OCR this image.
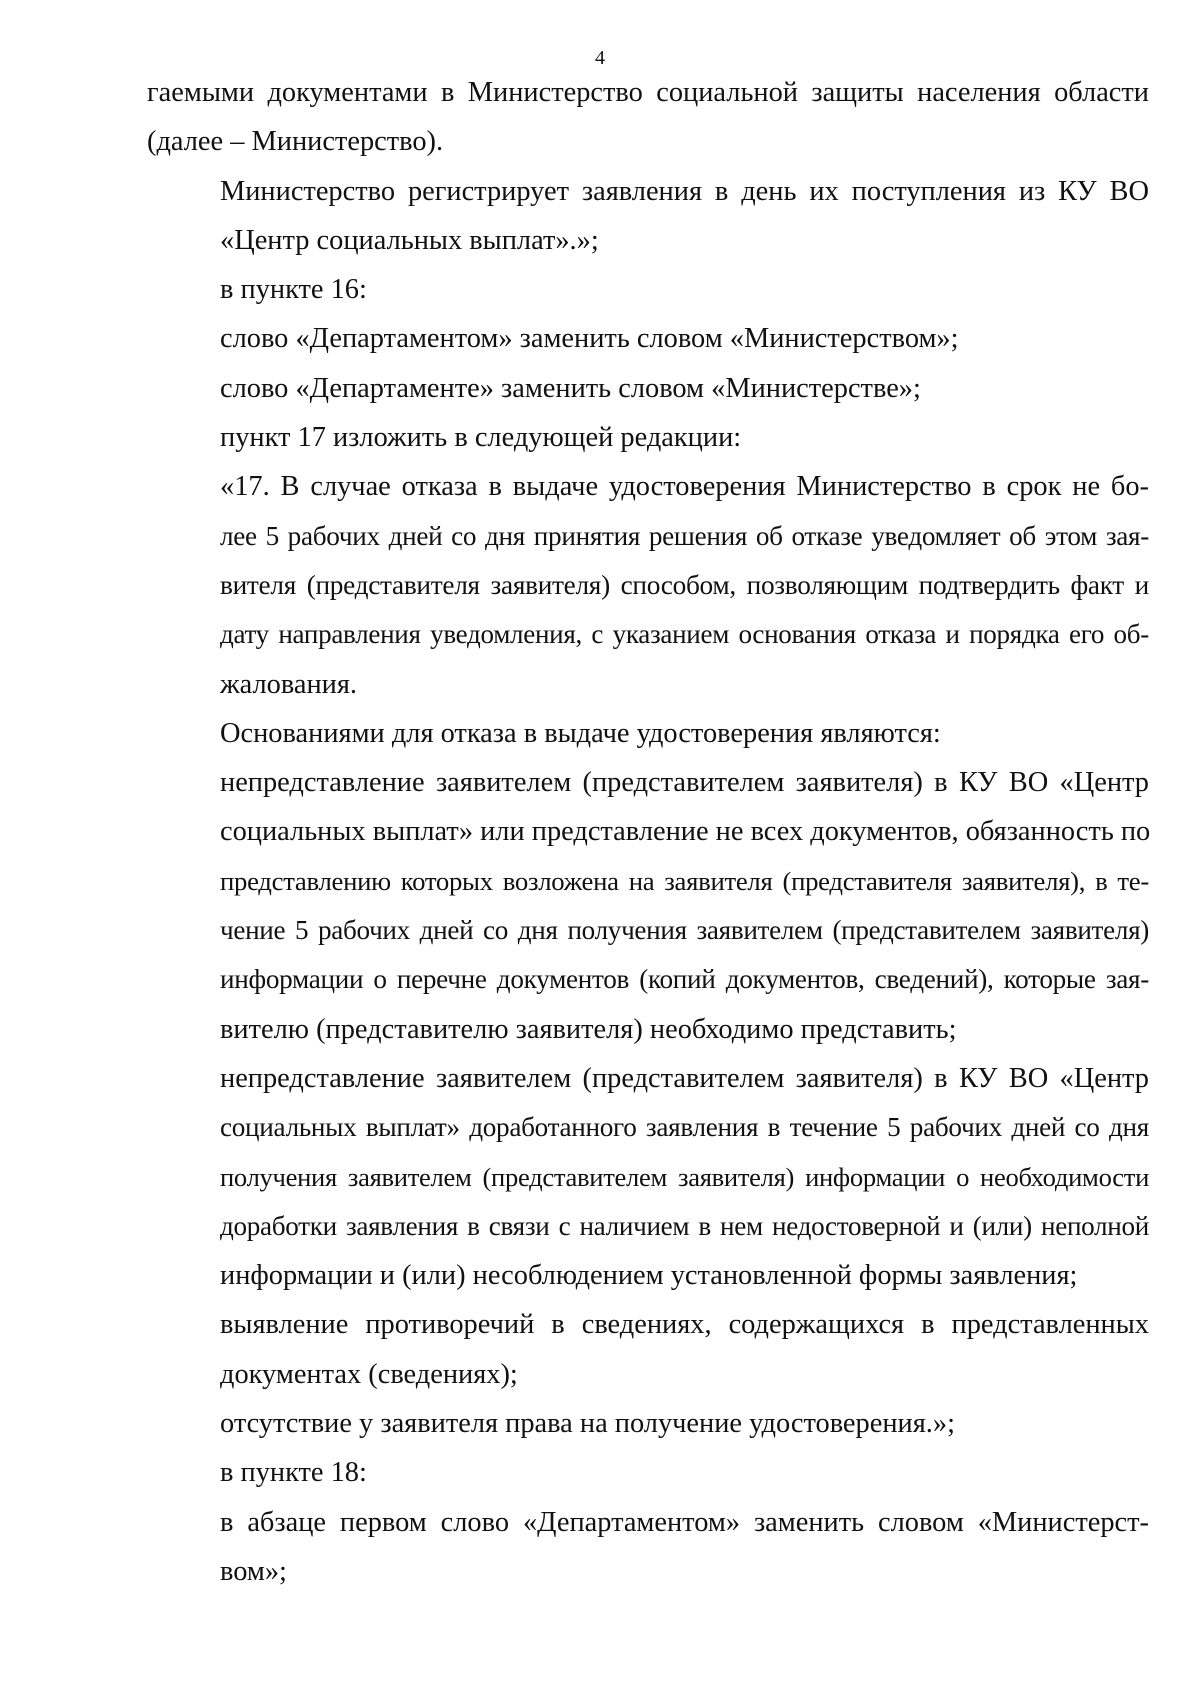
4

гаемыми документами в Министерство социальной защиты населения области
(далее – Министерство).

Министерство регистрирует заявления в день их поступления из КУ ВО
«Центр социальных выплат».»;

в пункте 16:

слово «Департаментом» заменить словом «Министерством»;

слово «Департаменте» заменить словом «Министерстве»;

пункт 17 изложить в следующей редакции:

«17. В случае отказа в выдаче удостоверения Министерство в срок не бо-
лее 5 рабочих дней со дня принятия решения об отказе уведомляет об этом зая-
вителя (представителя заявителя) способом, позволяющим подтвердить факт и
дату направления уведомления, с указанием основания отказа и порядка его об-
жалования.

Основаниями для отказа в выдаче удостоверения являются:

непредставление заявителем (представителем заявителя) в КУ ВО «Центр
социальных выплат» или представление не всех документов, обязанность по
представлению которых возложена на заявителя (представителя заявителя), в те-
чение 5 рабочих дней со дня получения заявителем (представителем заявителя)
информации о перечне документов (копий документов, сведений), которые зая-
вителю (представителю заявителя) необходимо представить;

непредставление заявителем (представителем заявителя) в КУ ВО «Центр
социальных выплат» доработанного заявления в течение 5 рабочих дней со дня
получения заявителем (представителем заявителя) информации о необходимости
доработки заявления в связи с наличием в нем недостоверной и (или) неполной
информации и (или) несоблюдением установленной формы заявления;

выявление противоречий в сведениях, содержащихся в представленных
документах (сведениях);

отсутствие у заявителя права на получение удостоверения.»;

в пункте 18:

в абзаце первом слово «Департаментом» заменить словом «Министерст-
вом»;
